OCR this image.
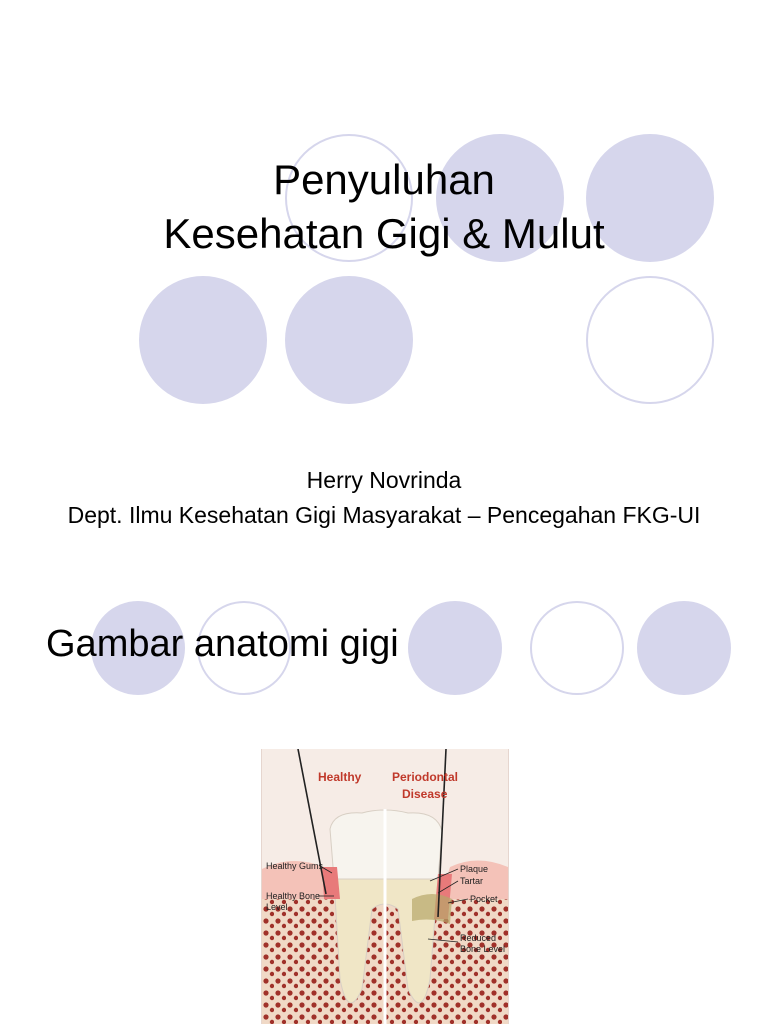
Penyuluhan
Kesehatan Gigi & Mulut
Herry Novrinda
Dept. Ilmu Kesehatan Gigi Masyarakat – Pencegahan FKG-UI
Gambar anatomi gigi
Healthy	Periodontal
Disease
Healthy Gums
Healthy Bone
Level
Plaque
Tartar
Pocket
Reduced
Bone Level
